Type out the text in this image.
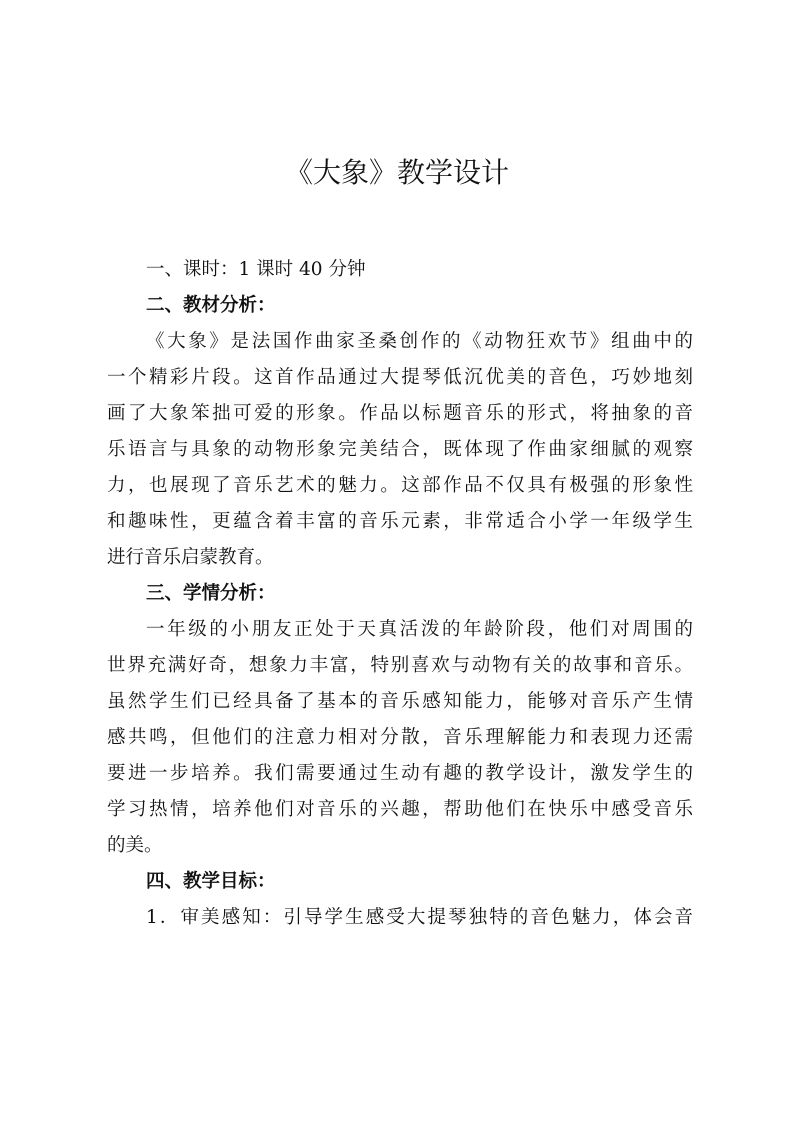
《大象》教学设计
一、课时：1 课时 40 分钟
二、教材分析：
《大象》是法国作曲家圣桑创作的《动物狂欢节》组曲中的
一个精彩片段。这首作品通过大提琴低沉优美的音色，巧妙地刻
画了大象笨拙可爱的形象。作品以标题音乐的形式，将抽象的音
乐语言与具象的动物形象完美结合，既体现了作曲家细腻的观察
力，也展现了音乐艺术的魅力。这部作品不仅具有极强的形象性
和趣味性，更蕴含着丰富的音乐元素，非常适合小学一年级学生
进行音乐启蒙教育。
三、学情分析：
一年级的小朋友正处于天真活泼的年龄阶段，他们对周围的
世界充满好奇，想象力丰富，特别喜欢与动物有关的故事和音乐。
虽然学生们已经具备了基本的音乐感知能力，能够对音乐产生情
感共鸣，但他们的注意力相对分散，音乐理解能力和表现力还需
要进一步培养。我们需要通过生动有趣的教学设计，激发学生的
学习热情，培养他们对音乐的兴趣，帮助他们在快乐中感受音乐
的美。
四、教学目标：
1．审美感知：引导学生感受大提琴独特的音色魅力，体会音
